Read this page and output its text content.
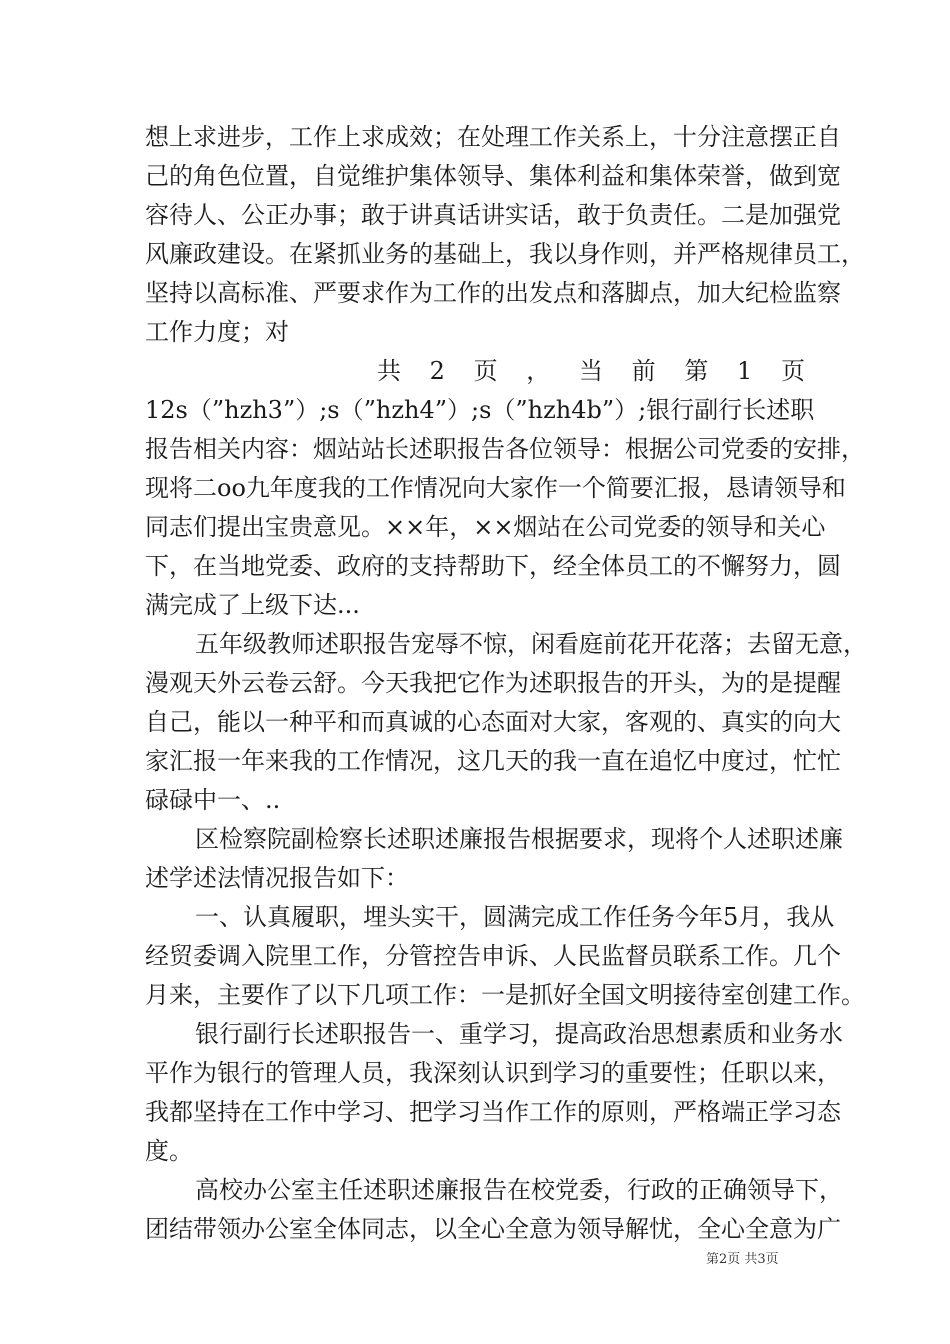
想上求进步，工作上求成效；在处理工作关系上，十分注意摆正自
己的角色位置，自觉维护集体领导、集体利益和集体荣誉，做到宽
容待人、公正办事；敢于讲真话讲实话，敢于负责任。二是加强党
风廉政建设。在紧抓业务的基础上，我以身作则，并严格规律员工，
坚持以高标准、严要求作为工作的出发点和落脚点，加大纪检监察
工作力度；对
共 2 页 ， 当 前 第 1 页
12s（”hzh3”）;s（”hzh4”）;s（”hzh4b”）;银行副行长述职
报告相关内容：烟站站长述职报告各位领导：根据公司党委的安排，
现将二oo九年度我的工作情况向大家作一个简要汇报，恳请领导和
同志们提出宝贵意见。××年，××烟站在公司党委的领导和关心
下，在当地党委、政府的支持帮助下，经全体员工的不懈努力，圆
满完成了上级下达...
五年级教师述职报告宠辱不惊，闲看庭前花开花落；去留无意，
漫观天外云卷云舒。今天我把它作为述职报告的开头，为的是提醒
自己，能以一种平和而真诚的心态面对大家，客观的、真实的向大
家汇报一年来我的工作情况，这几天的我一直在追忆中度过，忙忙
碌碌中一、..
区检察院副检察长述职述廉报告根据要求，现将个人述职述廉
述学述法情况报告如下：
一、认真履职，埋头实干，圆满完成工作任务今年5月，我从
经贸委调入院里工作，分管控告申诉、人民监督员联系工作。几个
月来，主要作了以下几项工作：一是抓好全国文明接待室创建工作。
银行副行长述职报告一、重学习，提高政治思想素质和业务水
平作为银行的管理人员，我深刻认识到学习的重要性；任职以来，
我都坚持在工作中学习、把学习当作工作的原则，严格端正学习态
度。
高校办公室主任述职述廉报告在校党委，行政的正确领导下，
团结带领办公室全体同志，以全心全意为领导解忧，全心全意为广
第2页 共3页
